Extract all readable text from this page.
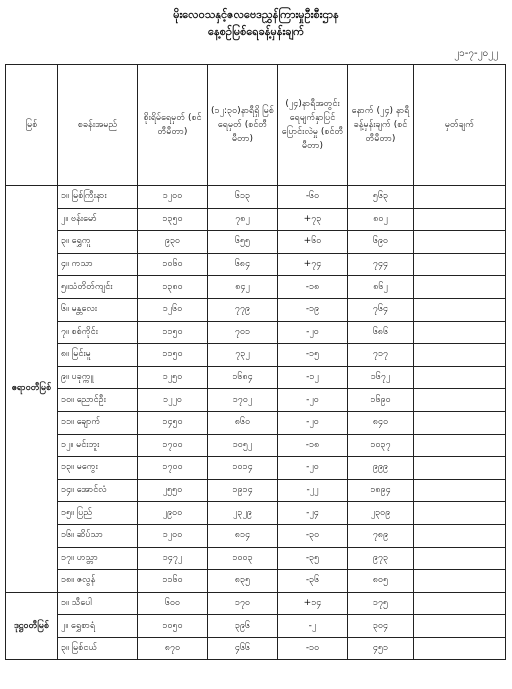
မိုးလေဝသနှင့်ဇလဗေဒညွှန်ကြားမှုဦးစီးဌာန
နေ့စဉ်မြစ်ရေခန့်မှန်းချက်
၂၁-၇-၂၀၂၂
မြစ်	စခန်းအမည်	စိုးရိမ်ရေမှတ် (စင်တီမီတာ)	(၁၂:၃၀)နာရီရှိ မြစ်ရေမှတ် (စင်တီမီတာ)	(၂၄)နာရီအတွင်း ရေမျက်နှာပြင် ပြောင်းလဲမှု (စင်တီမီတာ)	နောက် (၂၄) နာရီ ခန့်မှန်းချက် (စင်တီမီတာ)	မှတ်ချက်
ဧရာဝတီမြစ်	၁။ မြစ်ကြီးနား	၁၂၀၀	၆၁၃	-၆၀	၅၆၃	
	၂။ ဗန်းမော်	၁၃၅၀	၇၈၂	+၇၃	၈၀၂	
	၃။ ရွှေကူ	၉၃၀	၆၅၅	+၆၀	၆၉၀	
	၄။ ကသာ	၁၀၆၀	၆၈၄	+၇၄	၇၄၄	
	၅။သံတိတ်ကျင်း	၁၃၈၀	၈၄၂	-၁၈	၈၆၂	
	၆။ မန္တလေး	၁၂၆၀	၇၇၉	-၁၉	၇၆၄	
	၇။ စစ်ကိုင်း	၁၁၅၀	၇၀၁	-၂၀	၆၈၆	
	၈။ မြင်းမူ	၁၁၅၀	၇၃၂	-၁၅	၇၁၇	
	၉။ ပခုက္ကူ	၁၂၅၀	၁၆၈၄	-၁၂	၁၆၇၂	
	၁၀။ ညောင်ဦး	၁၂၂၀	၁၇၀၂	-၂၀	၁၆၉၀	
	၁၁။ ချောက်	၁၄၅၀	၈၆၀	-၂၀	၈၄၀	
	၁၂။ မင်းဘူး	၁၇၀၀	၁၀၅၂	-၁၈	၁၀၃၇	
	၁၃။ မကွေး	၁၇၀၀	၁၀၁၄	-၂၀	၉၉၉	
	၁၄။ အောင်လံ	၂၅၅၀	၁၉၁၄	-၂၂	၁၈၉၄	
	၁၅။ ပြည်	၂၉၀၀	၂၃၂၉	-၂၄	၂၃၀၉	
	၁၆။ ဆိပ်သာ	၁၂၀၀	၈၁၄	-၃၀	၇၈၉	
	၁၇။ ဟသ္တာ	၁၄၇၂	၁၀၀၃	-၃၅	၉၇၃	
	၁၈။ ဇလွန်	၁၁၆၀	၈၃၅	-၃၆	၈၀၅	
ဒုဋ္ဌဝတီမြစ်	၁။ သီပေါ	၆၀၀	၁၇၀	+၁၄	၁၇၅	
	၂။ ရွှေစာရံ	၁၀၅၀	၃၉၆	-၂	၃၀၄	
	၃။ မြစ်ငယ်	၈၇၀	၄၆၆	-၁၀	၄၅၁	
